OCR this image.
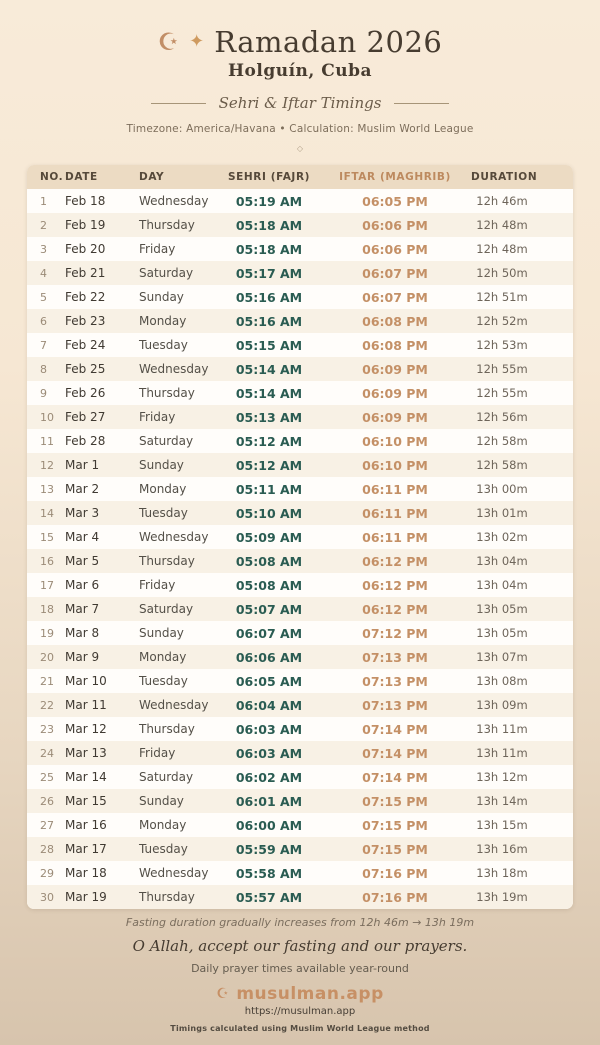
☪ ✦ Ramadan 2026
Holguín, Cuba
Sehri & Iftar Timings
Timezone: America/Havana • Calculation: Muslim World League
◇
NO.	DATE	DAY	SEHRI (FAJR)	IFTAR (MAGHRIB)	DURATION
1	Feb 18	Wednesday	05:19 AM	06:05 PM	12h 46m
2	Feb 19	Thursday	05:18 AM	06:06 PM	12h 48m
3	Feb 20	Friday	05:18 AM	06:06 PM	12h 48m
4	Feb 21	Saturday	05:17 AM	06:07 PM	12h 50m
5	Feb 22	Sunday	05:16 AM	06:07 PM	12h 51m
6	Feb 23	Monday	05:16 AM	06:08 PM	12h 52m
7	Feb 24	Tuesday	05:15 AM	06:08 PM	12h 53m
8	Feb 25	Wednesday	05:14 AM	06:09 PM	12h 55m
9	Feb 26	Thursday	05:14 AM	06:09 PM	12h 55m
10	Feb 27	Friday	05:13 AM	06:09 PM	12h 56m
11	Feb 28	Saturday	05:12 AM	06:10 PM	12h 58m
12	Mar 1	Sunday	05:12 AM	06:10 PM	12h 58m
13	Mar 2	Monday	05:11 AM	06:11 PM	13h 00m
14	Mar 3	Tuesday	05:10 AM	06:11 PM	13h 01m
15	Mar 4	Wednesday	05:09 AM	06:11 PM	13h 02m
16	Mar 5	Thursday	05:08 AM	06:12 PM	13h 04m
17	Mar 6	Friday	05:08 AM	06:12 PM	13h 04m
18	Mar 7	Saturday	05:07 AM	06:12 PM	13h 05m
19	Mar 8	Sunday	06:07 AM	07:12 PM	13h 05m
20	Mar 9	Monday	06:06 AM	07:13 PM	13h 07m
21	Mar 10	Tuesday	06:05 AM	07:13 PM	13h 08m
22	Mar 11	Wednesday	06:04 AM	07:13 PM	13h 09m
23	Mar 12	Thursday	06:03 AM	07:14 PM	13h 11m
24	Mar 13	Friday	06:03 AM	07:14 PM	13h 11m
25	Mar 14	Saturday	06:02 AM	07:14 PM	13h 12m
26	Mar 15	Sunday	06:01 AM	07:15 PM	13h 14m
27	Mar 16	Monday	06:00 AM	07:15 PM	13h 15m
28	Mar 17	Tuesday	05:59 AM	07:15 PM	13h 16m
29	Mar 18	Wednesday	05:58 AM	07:16 PM	13h 18m
30	Mar 19	Thursday	05:57 AM	07:16 PM	13h 19m
Fasting duration gradually increases from 12h 46m → 13h 19m
O Allah, accept our fasting and our prayers.
Daily prayer times available year-round
☪ musulman.app
https://musulman.app
Timings calculated using Muslim World League method
